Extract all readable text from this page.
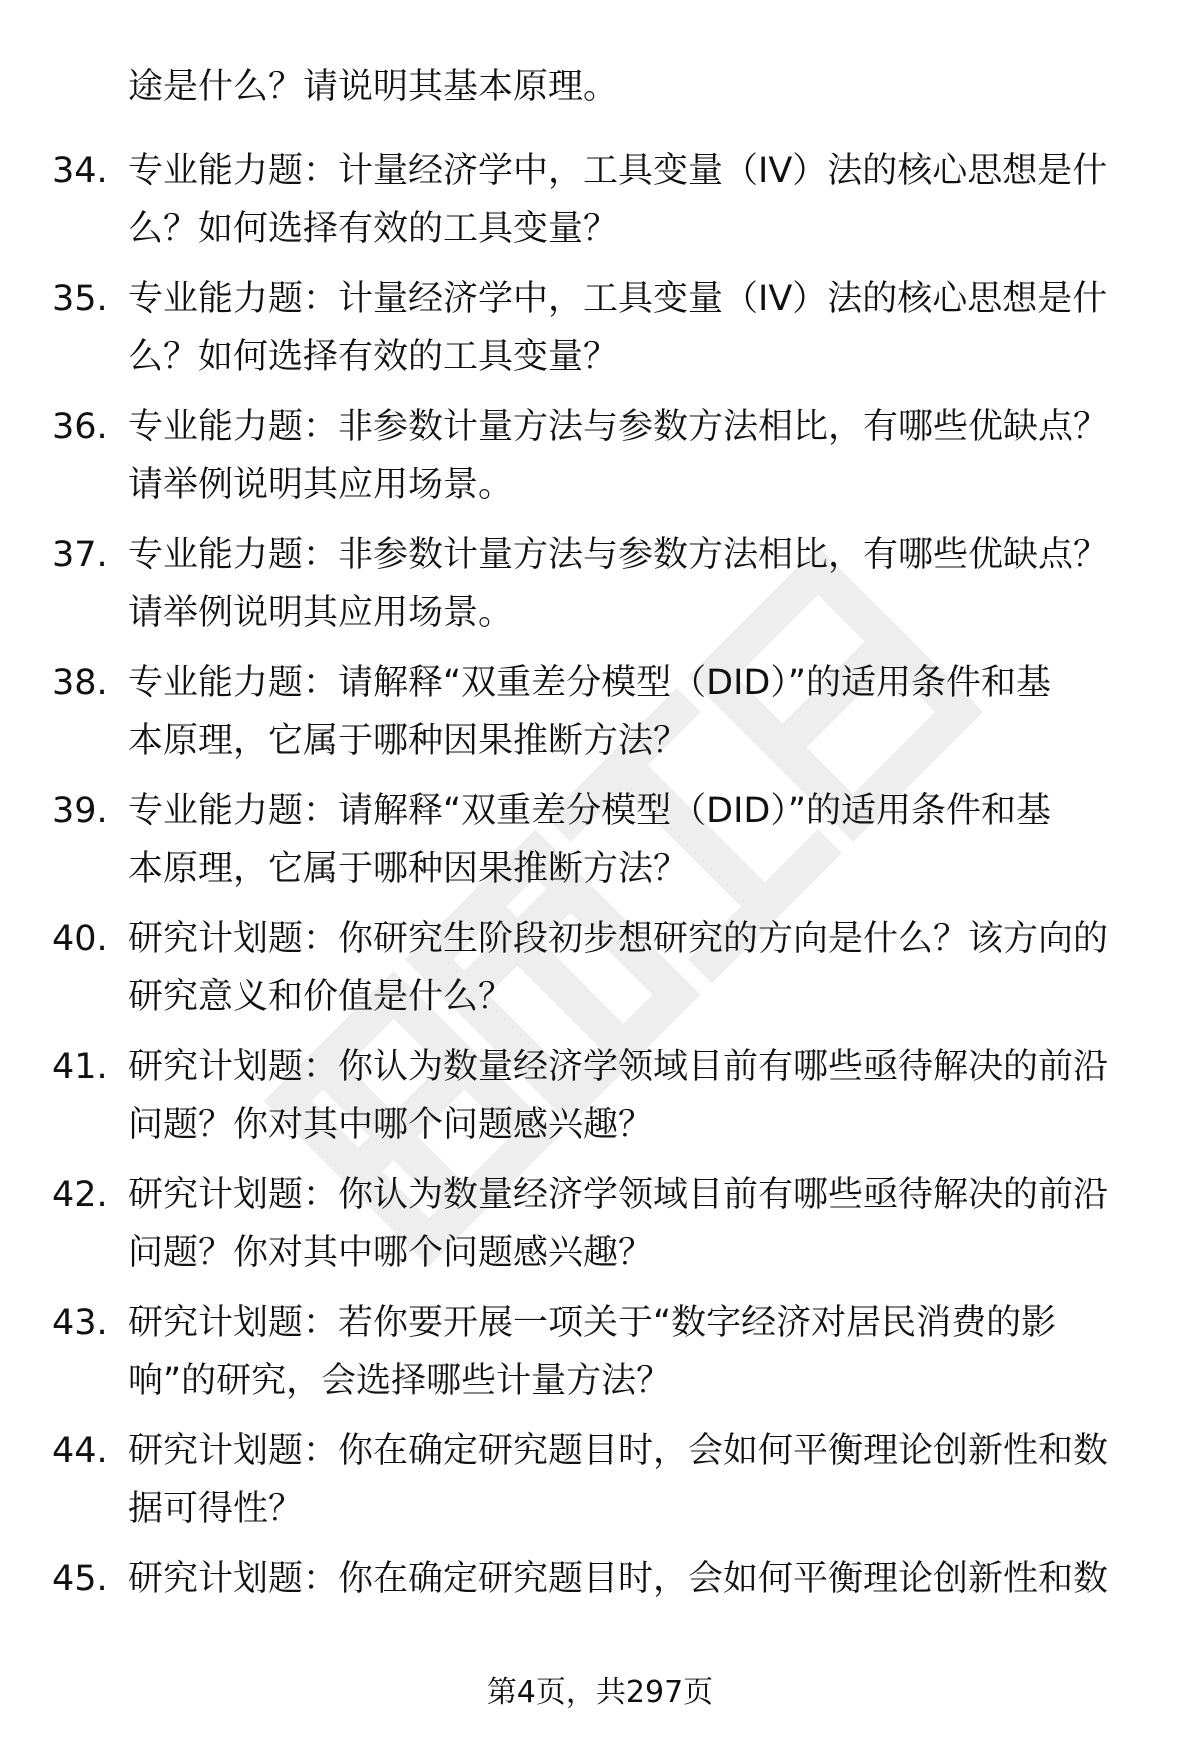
途是什么？请说明其基本原理。
34. 专业能力题：计量经济学中，工具变量（IV）法的核心思想是什
么？如何选择有效的工具变量？
35. 专业能力题：计量经济学中，工具变量（IV）法的核心思想是什
么？如何选择有效的工具变量？
36. 专业能力题：非参数计量方法与参数方法相比，有哪些优缺点？
请举例说明其应用场景。
37. 专业能力题：非参数计量方法与参数方法相比，有哪些优缺点？
请举例说明其应用场景。
38. 专业能力题：请解释“双重差分模型（DID）”的适用条件和基
本原理，它属于哪种因果推断方法？
39. 专业能力题：请解释“双重差分模型（DID）”的适用条件和基
本原理，它属于哪种因果推断方法？
40. 研究计划题：你研究生阶段初步想研究的方向是什么？该方向的
研究意义和价值是什么？
41. 研究计划题：你认为数量经济学领域目前有哪些亟待解决的前沿
问题？你对其中哪个问题感兴趣？
42. 研究计划题：你认为数量经济学领域目前有哪些亟待解决的前沿
问题？你对其中哪个问题感兴趣？
43. 研究计划题：若你要开展一项关于“数字经济对居民消费的影
响”的研究，会选择哪些计量方法？
44. 研究计划题：你在确定研究题目时，会如何平衡理论创新性和数
据可得性？
45. 研究计划题：你在确定研究题目时，会如何平衡理论创新性和数
第4页，共297页
